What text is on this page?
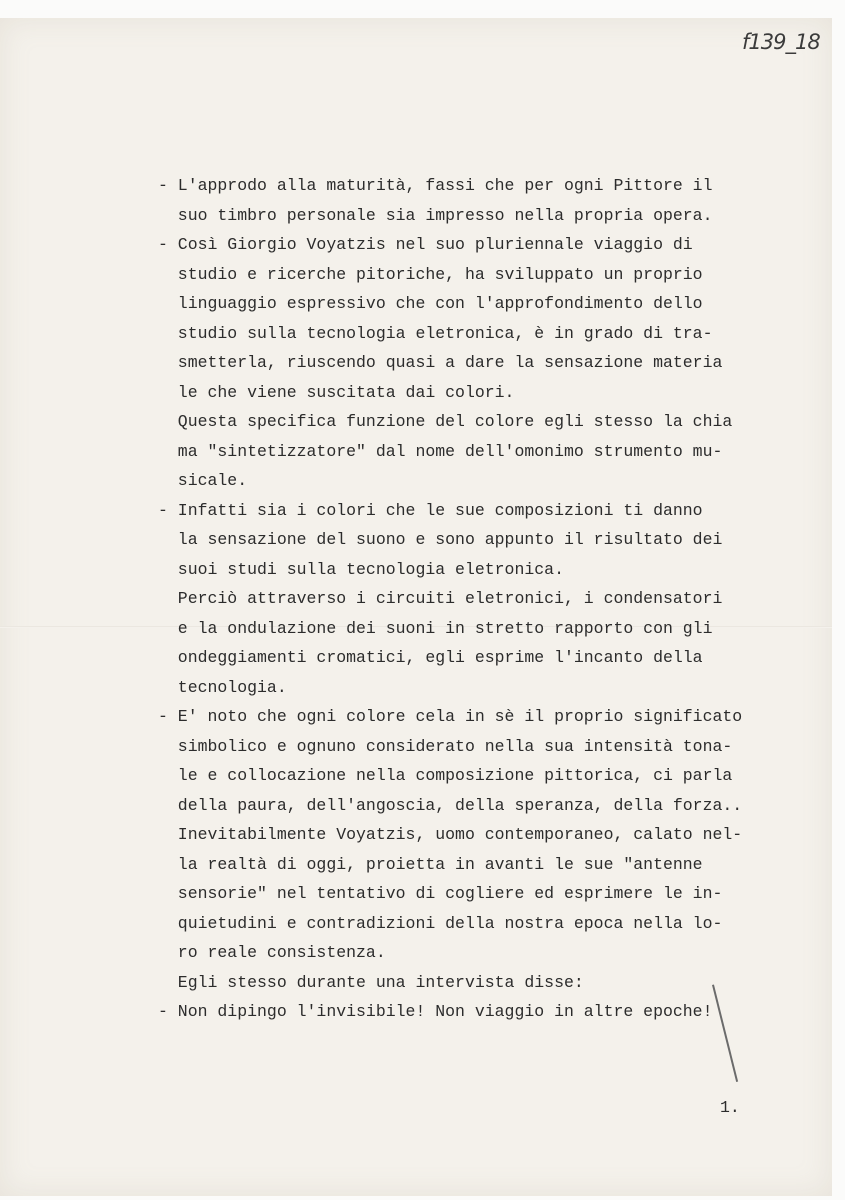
f139_18
- L'approdo alla maturità, fassi che per ogni Pittore il
suo timbro personale sia impresso nella propria opera.
- Così Giorgio Voyatzis nel suo pluriennale viaggio di
studio e ricerche pitoriche, ha sviluppato un proprio
linguaggio espressivo che con l'approfondimento dello
studio sulla tecnologia eletronica, è in grado di tra-
smetterla, riuscendo quasi a dare la sensazione materia
le che viene suscitata dai colori.
Questa specifica funzione del colore egli stesso la chia
ma "sintetizzatore" dal nome dell'omonimo strumento mu-
sicale.
- Infatti sia i colori che le sue composizioni ti danno
la sensazione del suono e sono appunto il risultato dei
suoi studi sulla tecnologia eletronica.
Perciò attraverso i circuiti eletronici, i condensatori
e la ondulazione dei suoni in stretto rapporto con gli
ondeggiamenti cromatici, egli esprime l'incanto della
tecnologia.
- E' noto che ogni colore cela in sè il proprio significato
simbolico e ognuno considerato nella sua intensità tona-
le e collocazione nella composizione pittorica, ci parla
della paura, dell'angoscia, della speranza, della forza..
Inevitabilmente Voyatzis, uomo contemporaneo, calato nel-
la realtà di oggi, proietta in avanti le sue "antenne
sensorie" nel tentativo di cogliere ed esprimere le in-
quietudini e contradizioni della nostra epoca nella lo-
ro reale consistenza.
Egli stesso durante una intervista disse:
- Non dipingo l'invisibile! Non viaggio in altre epoche!
1.
